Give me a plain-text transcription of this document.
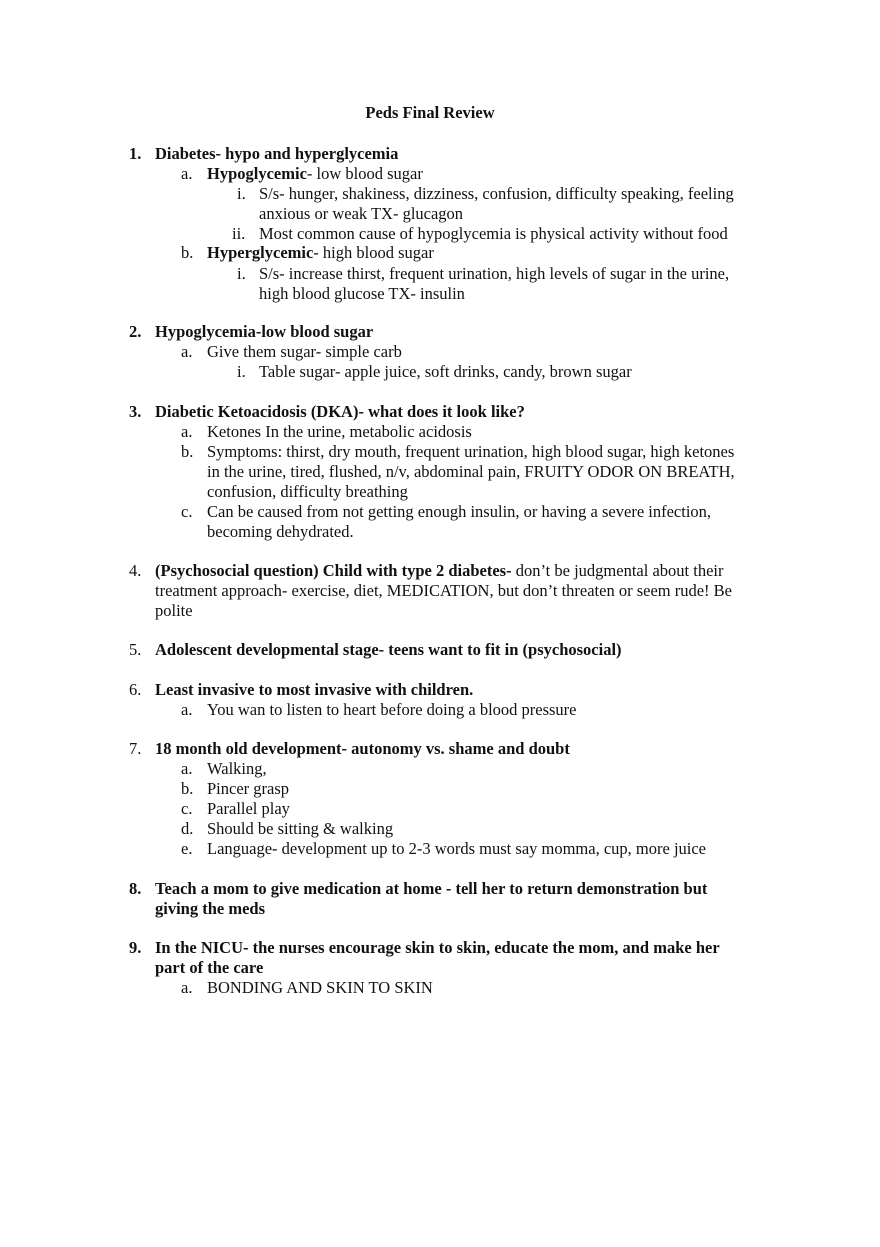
Peds Final Review
1. Diabetes- hypo and hyperglycemia
a. Hypoglycemic- low blood sugar
i. S/s- hunger, shakiness, dizziness, confusion, difficulty speaking, feeling
anxious or weak TX- glucagon
ii. Most common cause of hypoglycemia is physical activity without food
b. Hyperglycemic- high blood sugar
i. S/s- increase thirst, frequent urination, high levels of sugar in the urine,
high blood glucose TX- insulin
2. Hypoglycemia-low blood sugar
a. Give them sugar- simple carb
i. Table sugar- apple juice, soft drinks, candy, brown sugar
3. Diabetic Ketoacidosis (DKA)- what does it look like?
a. Ketones In the urine, metabolic acidosis
b. Symptoms: thirst, dry mouth, frequent urination, high blood sugar, high ketones
in the urine, tired, flushed, n/v, abdominal pain, FRUITY ODOR ON BREATH,
confusion, difficulty breathing
c. Can be caused from not getting enough insulin, or having a severe infection,
becoming dehydrated.
4. (Psychosocial question) Child with type 2 diabetes- don’t be judgmental about their
treatment approach- exercise, diet, MEDICATION, but don’t threaten or seem rude! Be
polite
5. Adolescent developmental stage- teens want to fit in (psychosocial)
6. Least invasive to most invasive with children.
a. You wan to listen to heart before doing a blood pressure
7. 18 month old development- autonomy vs. shame and doubt
a. Walking,
b. Pincer grasp
c. Parallel play
d. Should be sitting & walking
e. Language- development up to 2-3 words must say momma, cup, more juice
8. Teach a mom to give medication at home - tell her to return demonstration but
giving the meds
9. In the NICU- the nurses encourage skin to skin, educate the mom, and make her
part of the care
a. BONDING AND SKIN TO SKIN
